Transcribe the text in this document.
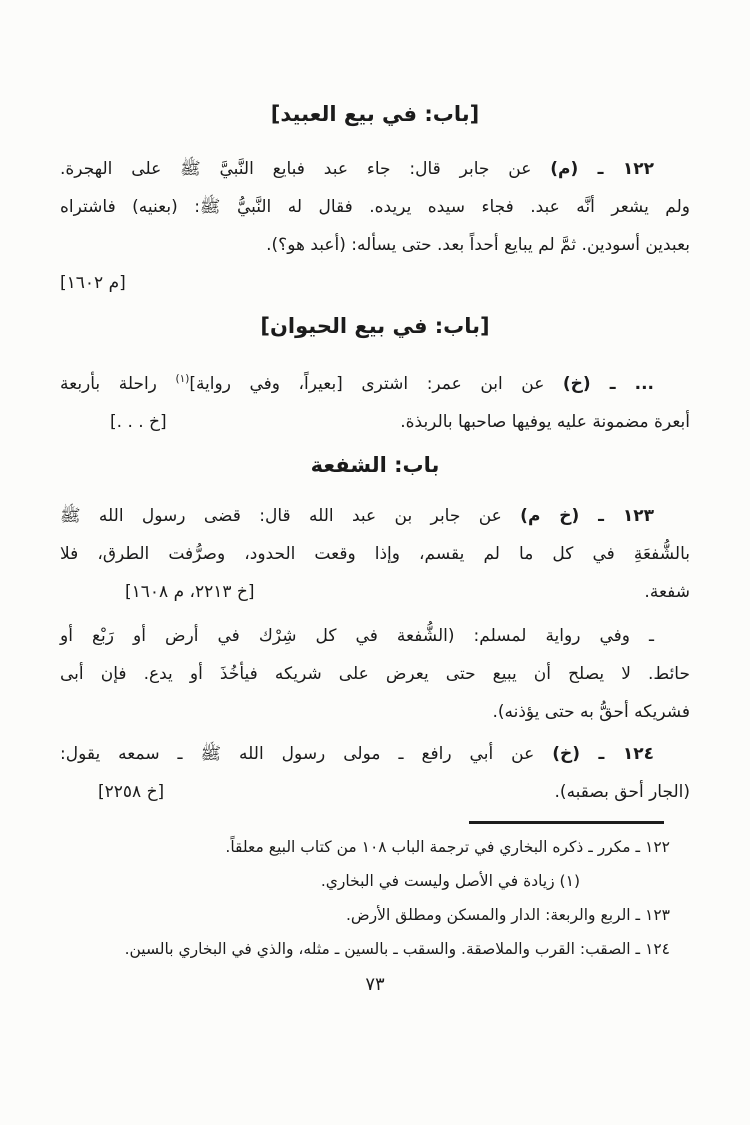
[باب: في بيع العبيد]
١٢٢ ـ (م) عن جابر قال: جاء عبد فبايع النَّبيَّ ﷺ على الهجرة.
ولم يشعر أنَّه عبد. فجاء سيده يريده. فقال له النَّبيُّ ﷺ: (بعنيه) فاشتراه
بعبدين أسودين. ثمَّ لم يبايع أحداً بعد. حتى يسأله: (أعبد هو؟).
[م ١٦٠٢]
[باب: في بيع الحيوان]
... ـ (خ) عن ابن عمر: اشترى [بعيراً، وفي رواية]$^{(١)}$ راحلة بأربعة
أبعرة مضمونة عليه يوفيها صاحبها بالربذة.
[خ . . .]
باب: الشفعة
١٢٣ ـ (خ م) عن جابر بن عبد الله قال: قضى رسول الله ﷺ
بالشُّفعَةِ في كل ما لم يقسم، وإذا وقعت الحدود، وصرُّفت الطرق، فلا
شفعة.
[خ ٢٢١٣، م ١٦٠٨]
ـ وفي رواية لمسلم: (الشُّفعة في كل شِرْك في أرض أو رَبْع أو
حائط. لا يصلح أن يبيع حتى يعرض على شريكه فيأخُذَ أو يدع. فإن أبى
فشريكه أحقُّ به حتى يؤذنه).
١٢٤ ـ (خ) عن أبي رافع ـ مولى رسول الله ﷺ ـ سمعه يقول:
(الجار أحق بصقبه).
[خ ٢٢٥٨]
١٢٢ ـ مكرر ـ ذكره البخاري في ترجمة الباب ١٠٨ من كتاب البيع معلقاً.
(١) زيادة في الأصل وليست في البخاري.
١٢٣ ـ الربع والربعة: الدار والمسكن ومطلق الأرض.
١٢٤ ـ الصقب: القرب والملاصقة. والسقب ـ بالسين ـ مثله، والذي في البخاري بالسين.
٧٣
